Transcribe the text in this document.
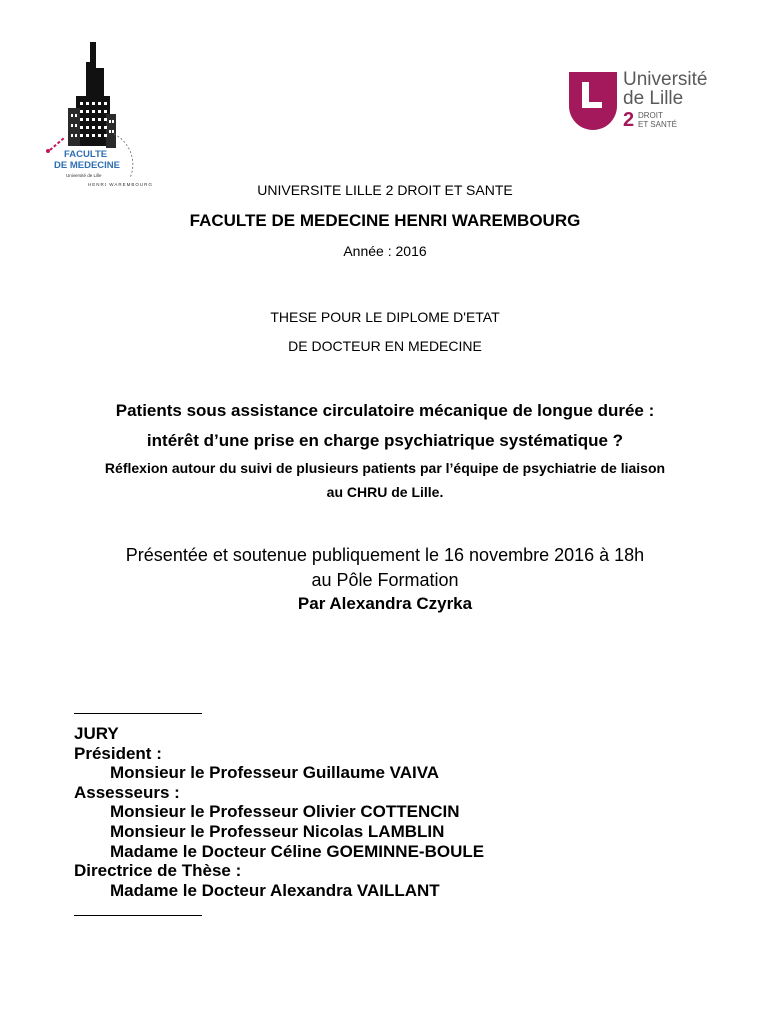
FACULTE
DE MEDECINE
Université de Lille
HENRI WAREMBOURG
Université
de Lille
2 DROIT
ET SANTÉ
UNIVERSITE LILLE 2 DROIT ET SANTE
FACULTE DE MEDECINE HENRI WAREMBOURG
Année : 2016
THESE POUR LE DIPLOME D'ETAT
DE DOCTEUR EN MEDECINE
Patients sous assistance circulatoire mécanique de longue durée :
intérêt d’une prise en charge psychiatrique systématique ?
Réflexion autour du suivi de plusieurs patients par l’équipe de psychiatrie de liaison
au CHRU de Lille.
Présentée et soutenue publiquement le 16 novembre 2016 à 18h
au Pôle Formation
Par Alexandra Czyrka
JURY
Président :
Monsieur le Professeur Guillaume VAIVA
Assesseurs :
Monsieur le Professeur Olivier COTTENCIN
Monsieur le Professeur Nicolas LAMBLIN
Madame le Docteur Céline GOEMINNE-BOULE
Directrice de Thèse :
Madame le Docteur Alexandra VAILLANT
